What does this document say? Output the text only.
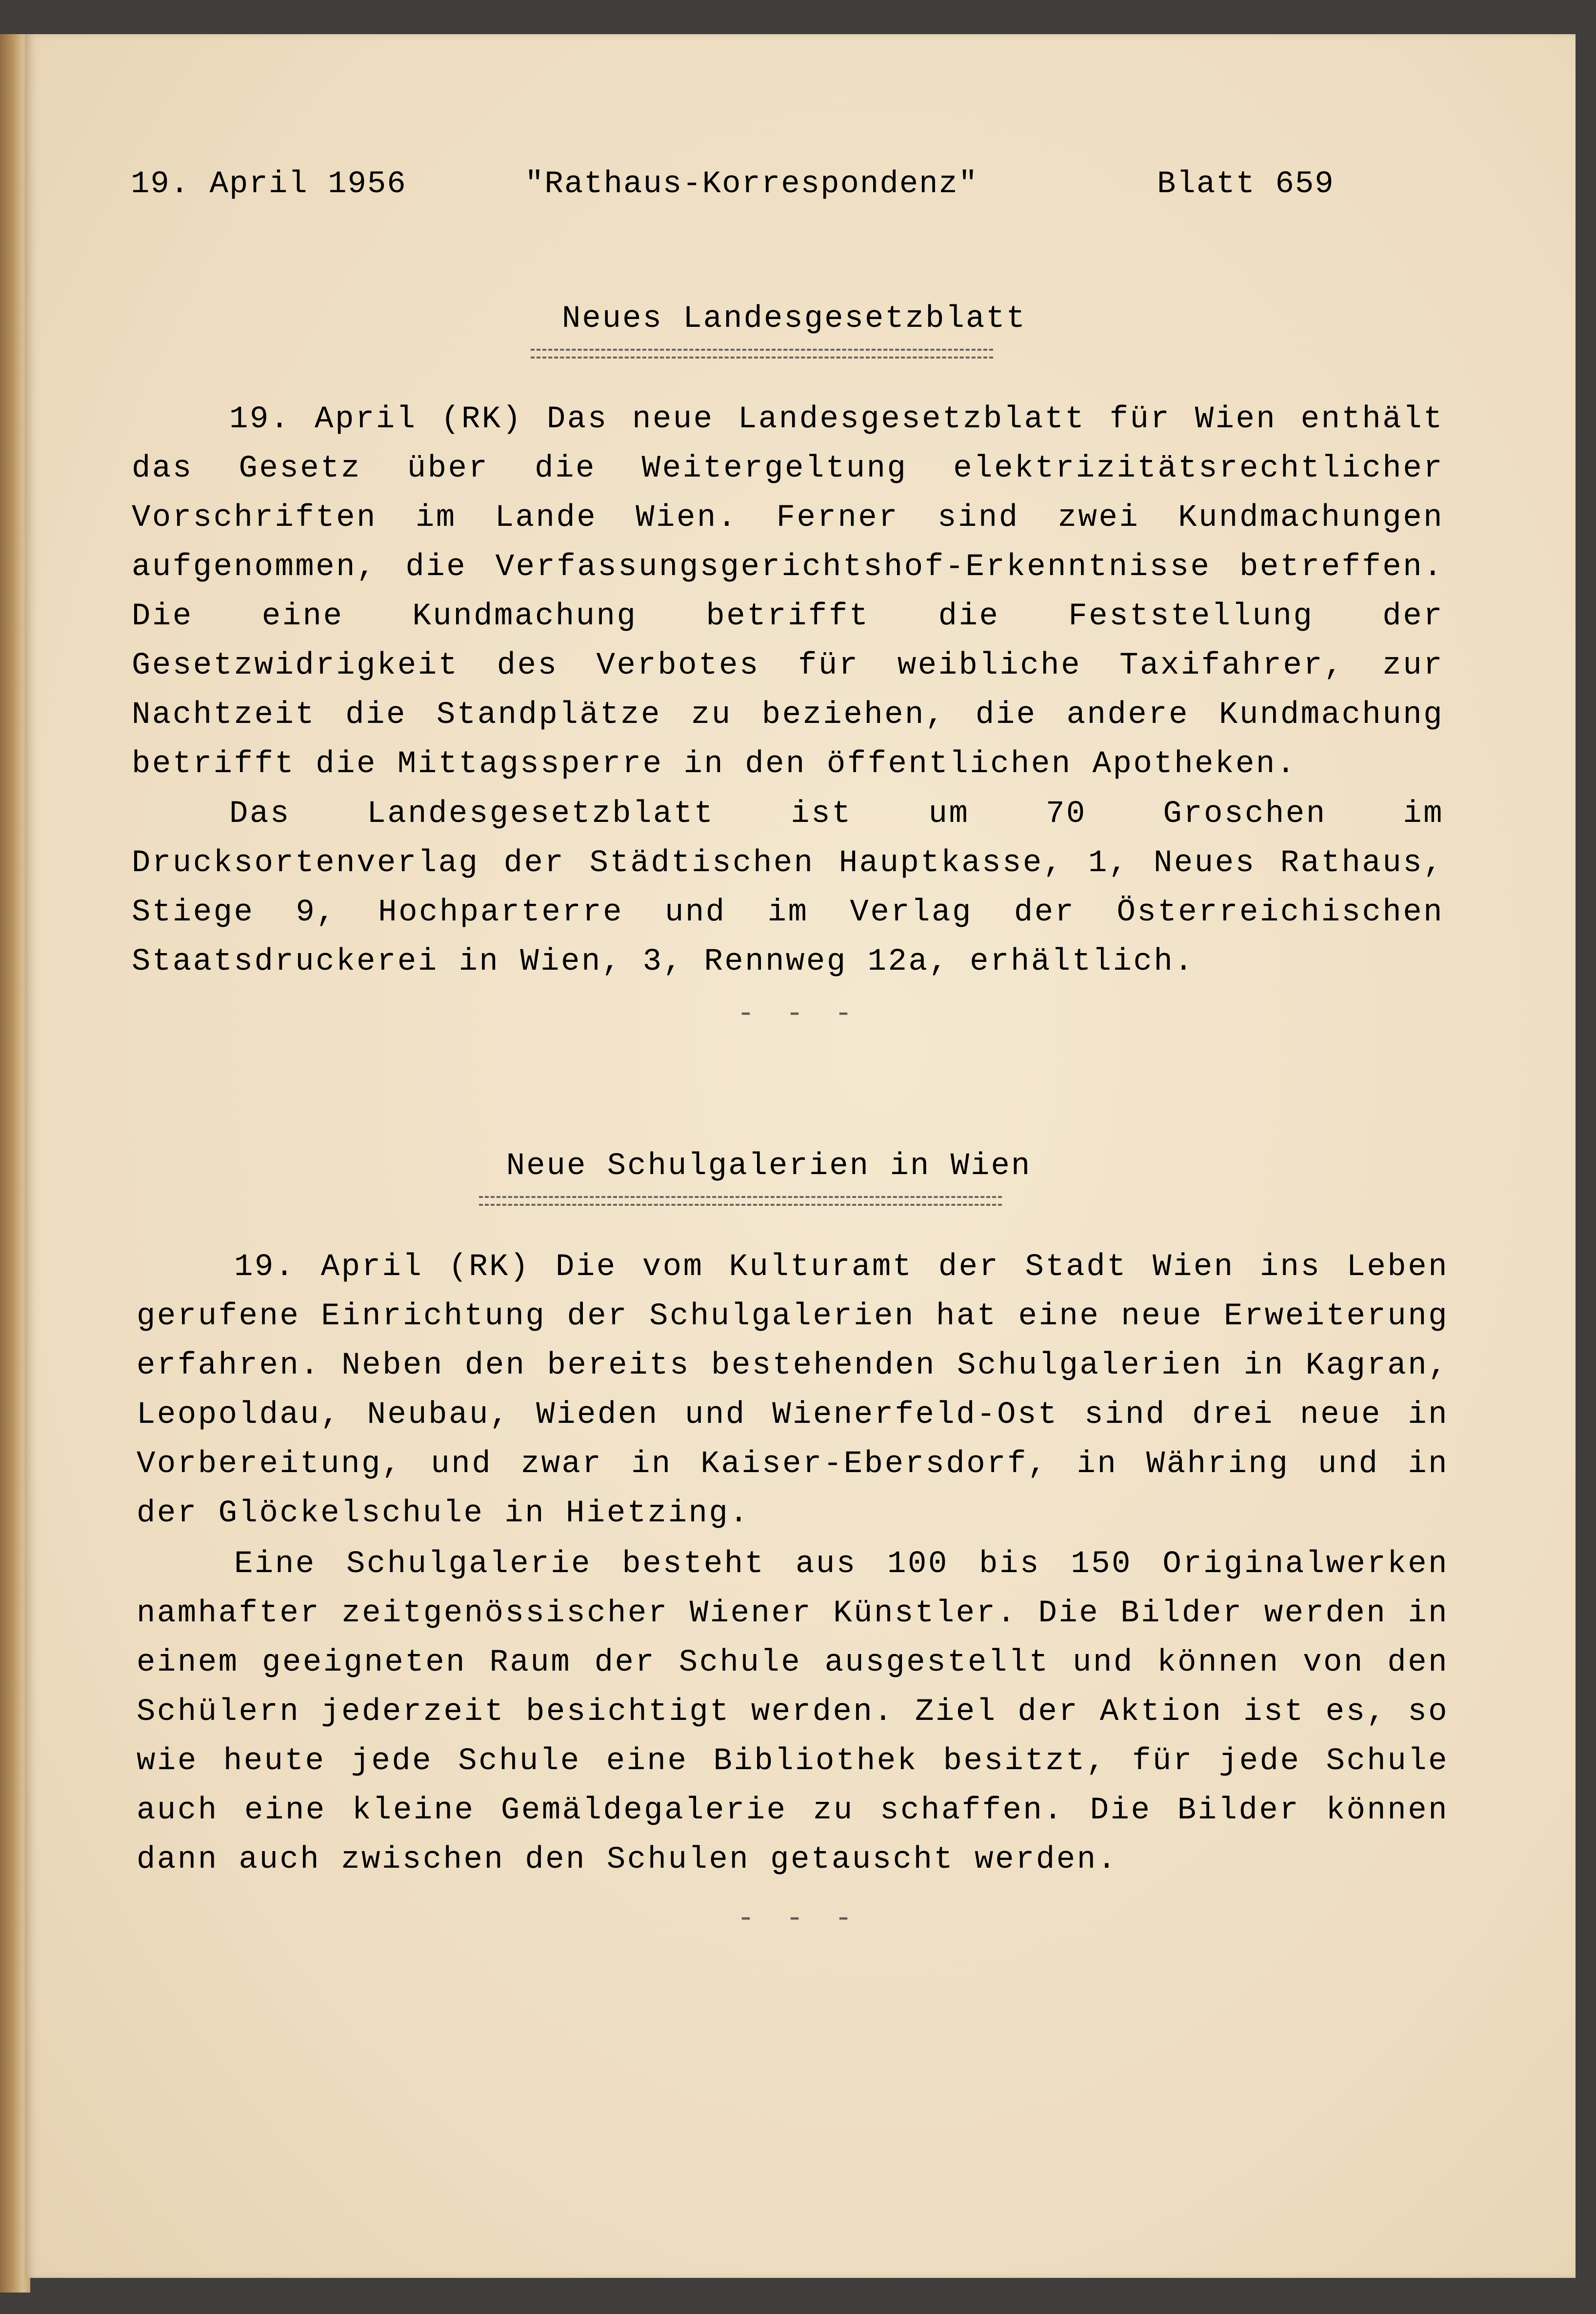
19. April 1956	"Rathaus-Korrespondenz"	Blatt 659
Neues Landesgesetzblatt

19. April (RK) Das neue Landesgesetzblatt für Wien enthält das Gesetz über die Weitergeltung elektrizitätsrechtlicher Vorschriften im Lande Wien. Ferner sind zwei Kundmachungen aufgenommen, die Verfassungsgerichtshof-Erkenntnisse betreffen. Die eine Kundmachung betrifft die Feststellung der Gesetzwidrigkeit des Verbotes für weibliche Taxifahrer, zur Nachtzeit die Standplätze zu beziehen, die andere Kundmachung betrifft die Mittagssperre in den öffentlichen Apotheken.

Das Landesgesetzblatt ist um 70 Groschen im Drucksortenverlag der Städtischen Hauptkasse, 1, Neues Rathaus, Stiege 9, Hochparterre und im Verlag der Österreichischen Staatsdruckerei in Wien, 3, Rennweg 12a, erhältlich.

- - -
Neue Schulgalerien in Wien

19. April (RK) Die vom Kulturamt der Stadt Wien ins Leben gerufene Einrichtung der Schulgalerien hat eine neue Erweiterung erfahren. Neben den bereits bestehenden Schulgalerien in Kagran, Leopoldau, Neubau, Wieden und Wienerfeld-Ost sind drei neue in Vorbereitung, und zwar in Kaiser-Ebersdorf, in Währing und in der Glöckelschule in Hietzing.

Eine Schulgalerie besteht aus 100 bis 150 Originalwerken namhafter zeitgenössischer Wiener Künstler. Die Bilder werden in einem geeigneten Raum der Schule ausgestellt und können von den Schülern jederzeit besichtigt werden. Ziel der Aktion ist es, so wie heute jede Schule eine Bibliothek besitzt, für jede Schule auch eine kleine Gemäldegalerie zu schaffen. Die Bilder können dann auch zwischen den Schulen getauscht werden.

- - -
